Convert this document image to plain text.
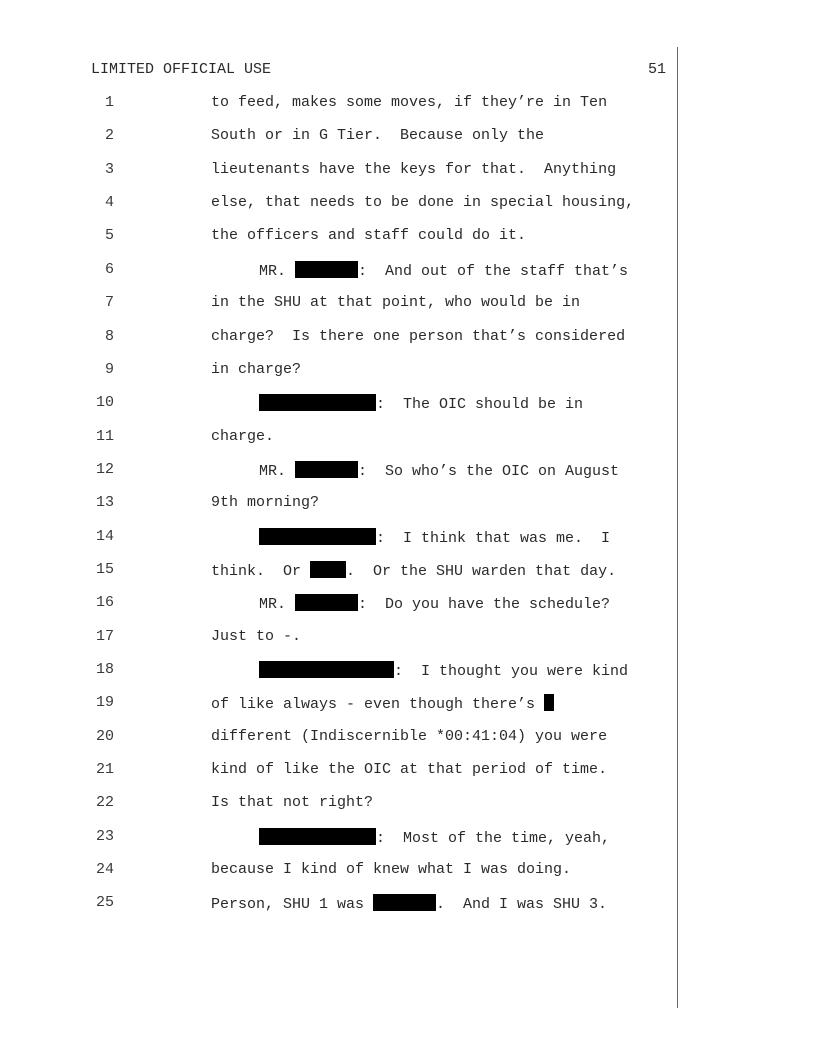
LIMITED OFFICIAL USE	51
1	to feed, makes some moves, if they’re in Ten
2	South or in G Tier.  Because only the
3	lieutenants have the keys for that.  Anything
4	else, that needs to be done in special housing,
5	the officers and staff could do it.
6	MR.	:  And out of the staff that’s
7	in the SHU at that point, who would be in
8	charge?  Is there one person that’s considered
9	in charge?
10	:  The OIC should be in
11	charge.
12	MR.	:  So who’s the OIC on August
13	9th morning?
14	:  I think that was me.  I
15	think.  Or .  Or the SHU warden that day.
16	MR.	:  Do you have the schedule?
17	Just to -.
18	:  I thought you were kind
19	of like always - even though there’s
20	different (Indiscernible *00:41:04) you were
21	kind of like the OIC at that period of time.
22	Is that not right?
23	:  Most of the time, yeah,
24	because I kind of knew what I was doing.
25	Person, SHU 1 was	.  And I was SHU 3.
